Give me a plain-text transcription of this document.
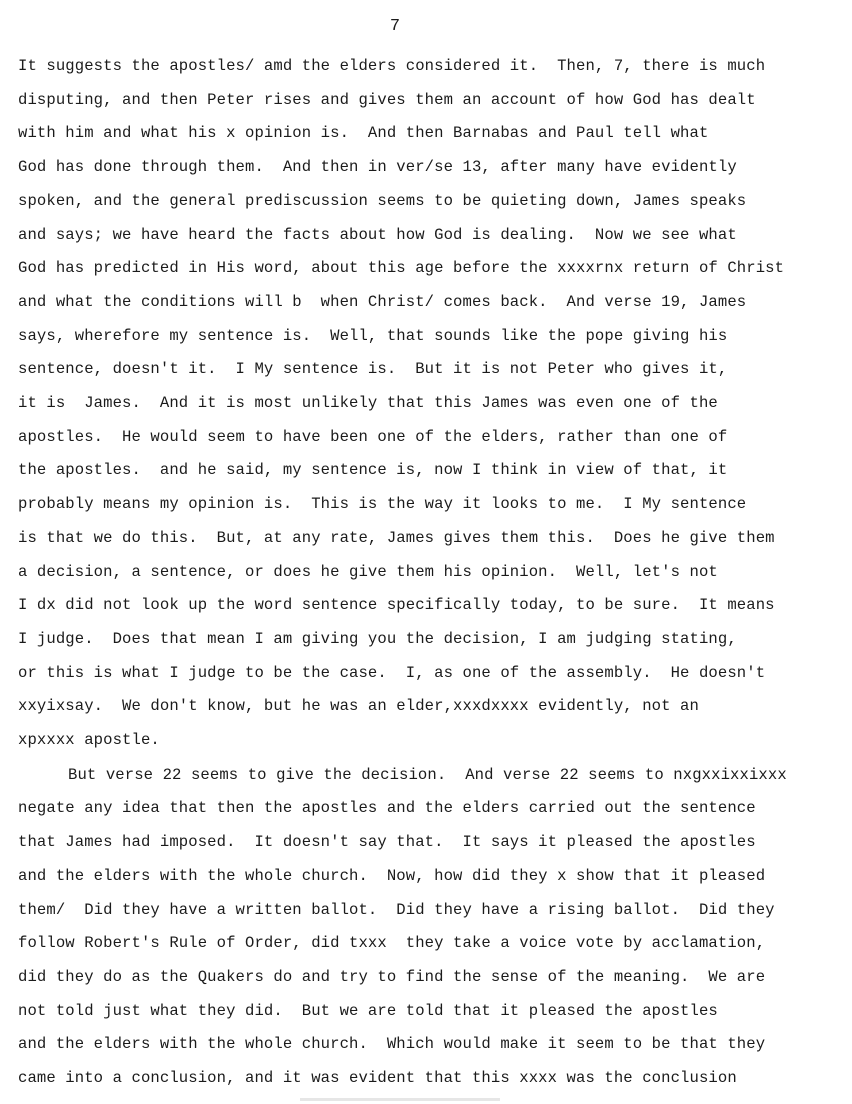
7
It suggests the apostles/ amd the elders considered it.  Then, 7, there is much
disputing, and then Peter rises and gives them an account of how God has dealt
with him and what his x opinion is.  And then Barnabas and Paul tell what
God has done through them.  And then in ver/se 13, after many have evidently
spoken, and the general prediscussion seems to be quieting down, James speaks
and says; we have heard the facts about how God is dealing.  Now we see what
God has predicted in His word, about this age before the xxxxrnx return of Christ
and what the conditions will b  when Christ/ comes back.  And verse 19, James
says, wherefore my sentence is.  Well, that sounds like the pope giving his
sentence, doesn't it.  I My sentence is.  But it is not Peter who gives it,
it is  James.  And it is most unlikely that this James was even one of the
apostles.  He would seem to have been one of the elders, rather than one of
the apostles.  and he said, my sentence is, now I think in view of that, it
probably means my opinion is.  This is the way it looks to me.  I My sentence
is that we do this.  But, at any rate, James gives them this.  Does he give them
a decision, a sentence, or does he give them his opinion.  Well, let's not
I dx did not look up the word sentence specifically today, to be sure.  It means
I judge.  Does that mean I am giving you the decision, I am judging stating,
or this is what I judge to be the case.  I, as one of the assembly.  He doesn't
xxyixsay.  We don't know, but he was an elder,xxxdxxxx evidently, not an
xpxxxx apostle.
But verse 22 seems to give the decision.  And verse 22 seems to nxgxxixxixxx
negate any idea that then the apostles and the elders carried out the sentence
that James had imposed.  It doesn't say that.  It says it pleased the apostles
and the elders with the whole church.  Now, how did they x show that it pleased
them/  Did they have a written ballot.  Did they have a rising ballot.  Did they
follow Robert's Rule of Order, did txxx  they take a voice vote by acclamation,
did they do as the Quakers do and try to find the sense of the meaning.  We are
not told just what they did.  But we are told that it pleased the apostles
and the elders with the whole church.  Which would make it seem to be that they
came into a conclusion, and it was evident that this xxxx was the conclusion
